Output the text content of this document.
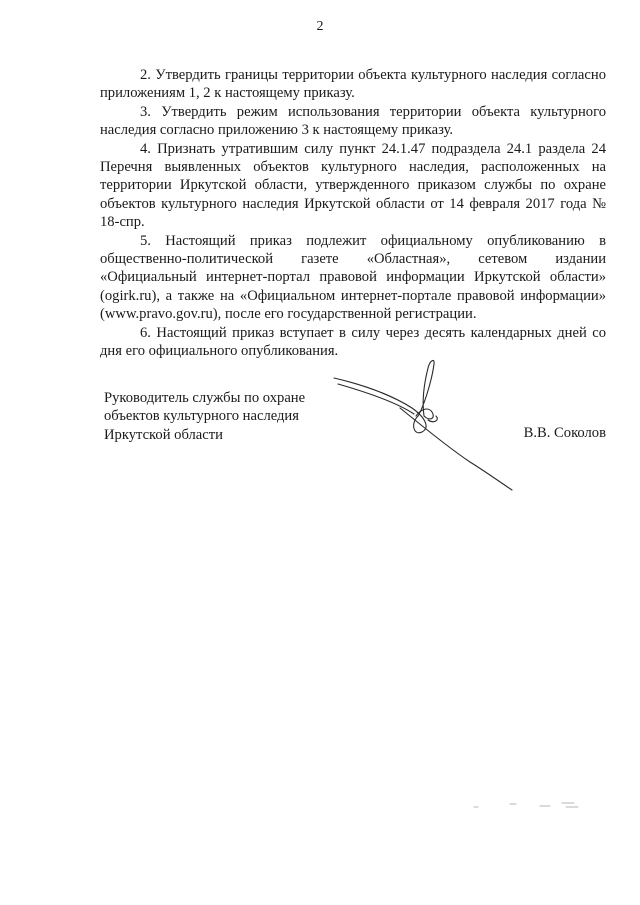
2

2. Утвердить границы территории объекта культурного наследия согласно приложениям 1, 2 к настоящему приказу.

3. Утвердить режим использования территории объекта культурного наследия согласно приложению 3 к настоящему приказу.

4. Признать утратившим силу пункт 24.1.47 подраздела 24.1 раздела 24 Перечня выявленных объектов культурного наследия, расположенных на территории Иркутской области, утвержденного приказом службы по охране объектов культурного наследия Иркутской области от 14 февраля 2017 года № 18-спр.

5. Настоящий приказ подлежит официальному опубликованию в общественно-политической газете «Областная», сетевом издании «Официальный интернет-портал правовой информации Иркутской области» (ogirk.ru), а также на «Официальном интернет-портале правовой информации» (www.pravo.gov.ru), после его государственной регистрации.

6. Настоящий приказ вступает в силу через десять календарных дней со дня его официального опубликования.

Руководитель службы по охране
объектов культурного наследия
Иркутской области	В.В. Соколов
